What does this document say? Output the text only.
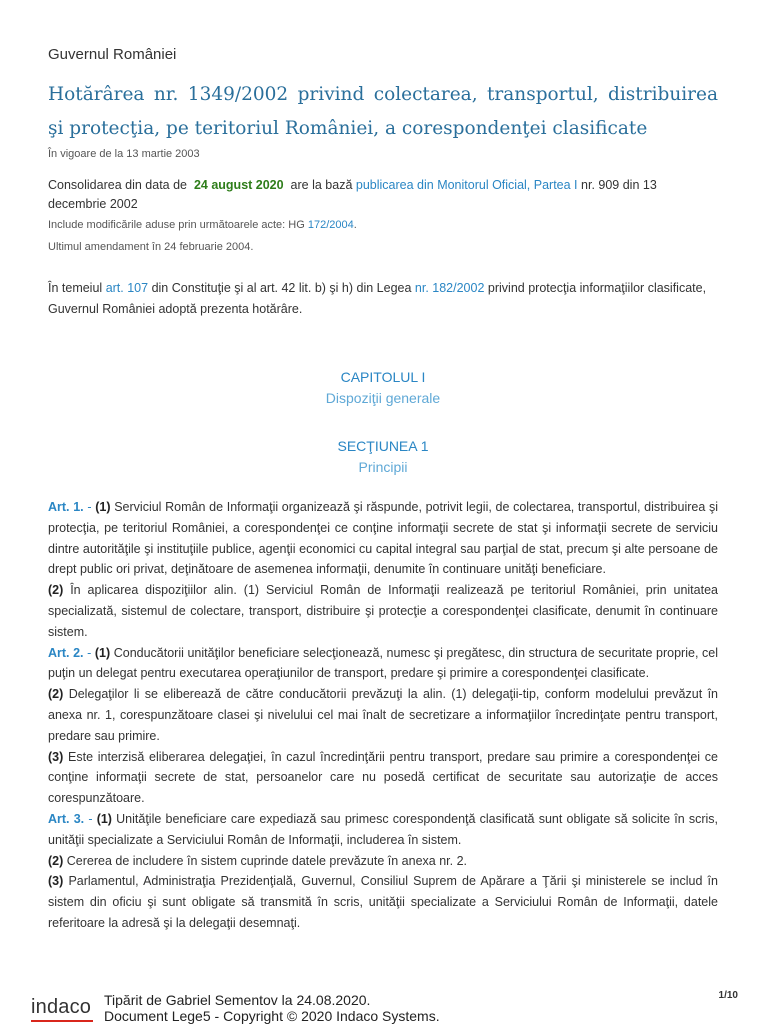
Guvernul României
Hotărârea nr. 1349/2002 privind colectarea, transportul, distribuirea şi protecţia, pe teritoriul României, a corespondenţei clasificate
În vigoare de la 13 martie 2003
Consolidarea din data de 24 august 2020 are la bază publicarea din Monitorul Oficial, Partea I nr. 909 din 13 decembrie 2002
Include modificările aduse prin următoarele acte: HG 172/2004.
Ultimul amendament în 24 februarie 2004.

În temeiul art. 107 din Constituţie şi al art. 42 lit. b) şi h) din Legea nr. 182/2002 privind protecţia informaţiilor clasificate,

Guvernul României adoptă prezenta hotărâre.

CAPITOLUL I
Dispoziţii generale
SECŢIUNEA 1
Principii

Art. 1. - (1) Serviciul Român de Informaţii organizează şi răspunde, potrivit legii, de colectarea, transportul, distribuirea şi protecţia, pe teritoriul României, a corespondenţei ce conţine informaţii secrete de stat şi informaţii secrete de serviciu dintre autorităţile şi instituţiile publice, agenţii economici cu capital integral sau parţial de stat, precum şi alte persoane de drept public ori privat, deţinătoare de asemenea informaţii, denumite în continuare unităţi beneficiare.

(2) În aplicarea dispoziţiilor alin. (1) Serviciul Român de Informaţii realizează pe teritoriul României, prin unitatea specializată, sistemul de colectare, transport, distribuire şi protecţie a corespondenţei clasificate, denumit în continuare sistem.

Art. 2. - (1) Conducătorii unităţilor beneficiare selecţionează, numesc şi pregătesc, din structura de securitate proprie, cel puţin un delegat pentru executarea operaţiunilor de transport, predare şi primire a corespondenţei clasificate.

(2) Delegaţilor li se eliberează de către conducătorii prevăzuţi la alin. (1) delegaţii-tip, conform modelului prevăzut în anexa nr. 1, corespunzătoare clasei şi nivelului cel mai înalt de secretizare a informaţiilor încredinţate pentru transport, predare sau primire.

(3) Este interzisă eliberarea delegaţiei, în cazul încredinţării pentru transport, predare sau primire a corespondenţei ce conţine informaţii secrete de stat, persoanelor care nu posedă certificat de securitate sau autorizaţie de acces corespunzătoare.

Art. 3. - (1) Unităţile beneficiare care expediază sau primesc corespondenţă clasificată sunt obligate să solicite în scris, unităţii specializate a Serviciului Român de Informaţii, includerea în sistem.

(2) Cererea de includere în sistem cuprinde datele prevăzute în anexa nr. 2.

(3) Parlamentul, Administraţia Prezidenţială, Guvernul, Consiliul Suprem de Apărare a Ţării şi ministerele se includ în sistem din oficiu şi sunt obligate să transmită în scris, unităţii specializate a Serviciului Român de Informaţii, datele referitoare la adresă şi la delegaţii desemnaţi.

indaco Tipărit de Gabriel Sementov la 24.08.2020.
Document Lege5 - Copyright © 2020 Indaco Systems.
1/10
